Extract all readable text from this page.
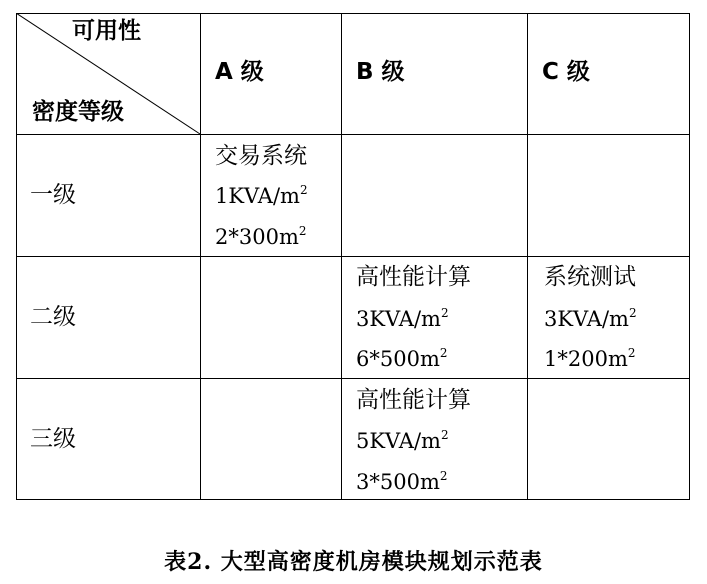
可用性
密度等级
A 级	B 级	C 级
一级
二级
三级
交易系统
$1KVA/m^2$
$2*300m^2$
高性能计算
$3KVA/m^2$
$6*500m^2$
系统测试
$3KVA/m^2$
$1*200m^2$
高性能计算
$5KVA/m^2$
$3*500m^2$
表2. 大型高密度机房模块规划示范表
